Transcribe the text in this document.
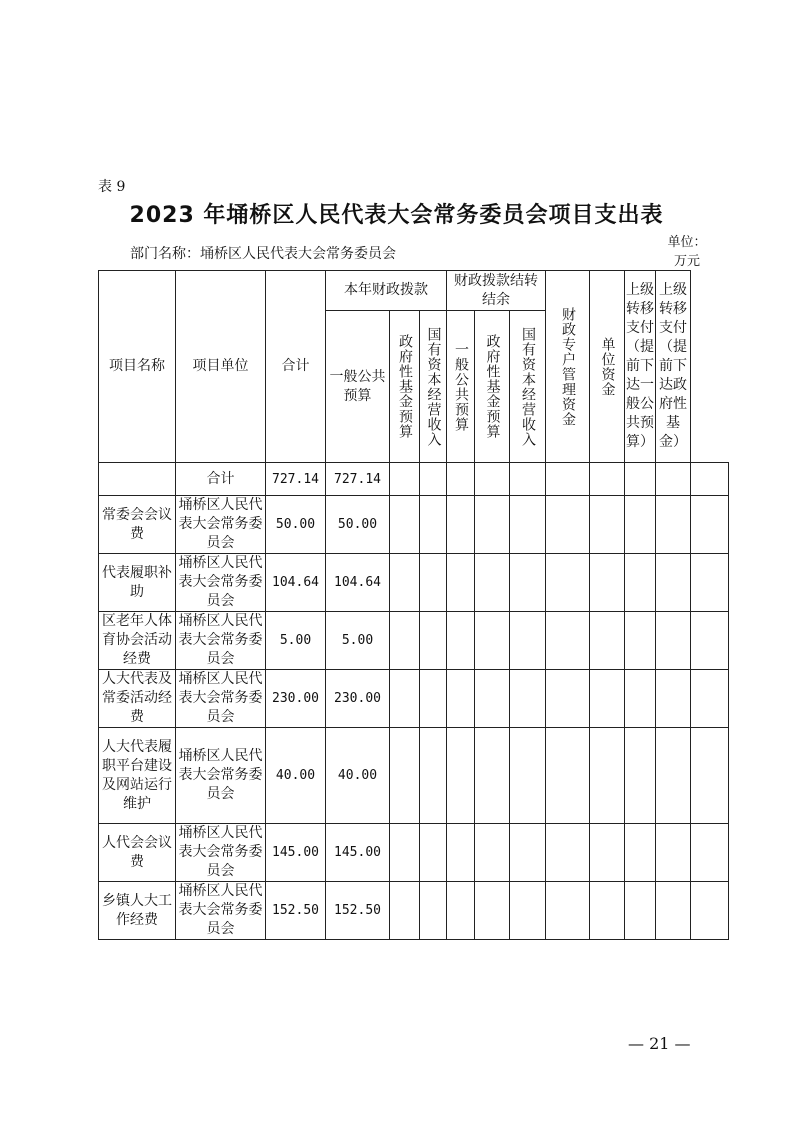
表 9
2023 年埇桥区人民代表大会常务委员会项目支出表
部门名称：埇桥区人民代表大会常务委员会
单位：万元
项目名称	项目单位	合计	本年财政拨款			财政拨款结转结余			财政专户管理资金	单位资金	上级转移支付（提前下达一般公共预算）	上级转移支付（提前下达政府性基金）	
			一般公共预算	政府性基金预算	国有资本经营收入	一般公共预算	政府性基金预算	国有资本经营收入					
	合计	727.14	727.14										
常委会会议费	埇桥区人民代表大会常务委员会	50.00	50.00										
代表履职补助	埇桥区人民代表大会常务委员会	104.64	104.64										
区老年人体育协会活动经费	埇桥区人民代表大会常务委员会	5.00	5.00										
人大代表及常委活动经费	埇桥区人民代表大会常务委员会	230.00	230.00										
人大代表履职平台建设及网站运行维护	埇桥区人民代表大会常务委员会	40.00	40.00										
人代会会议费	埇桥区人民代表大会常务委员会	145.00	145.00										
乡镇人大工作经费	埇桥区人民代表大会常务委员会	152.50	152.50										
— 21 —
